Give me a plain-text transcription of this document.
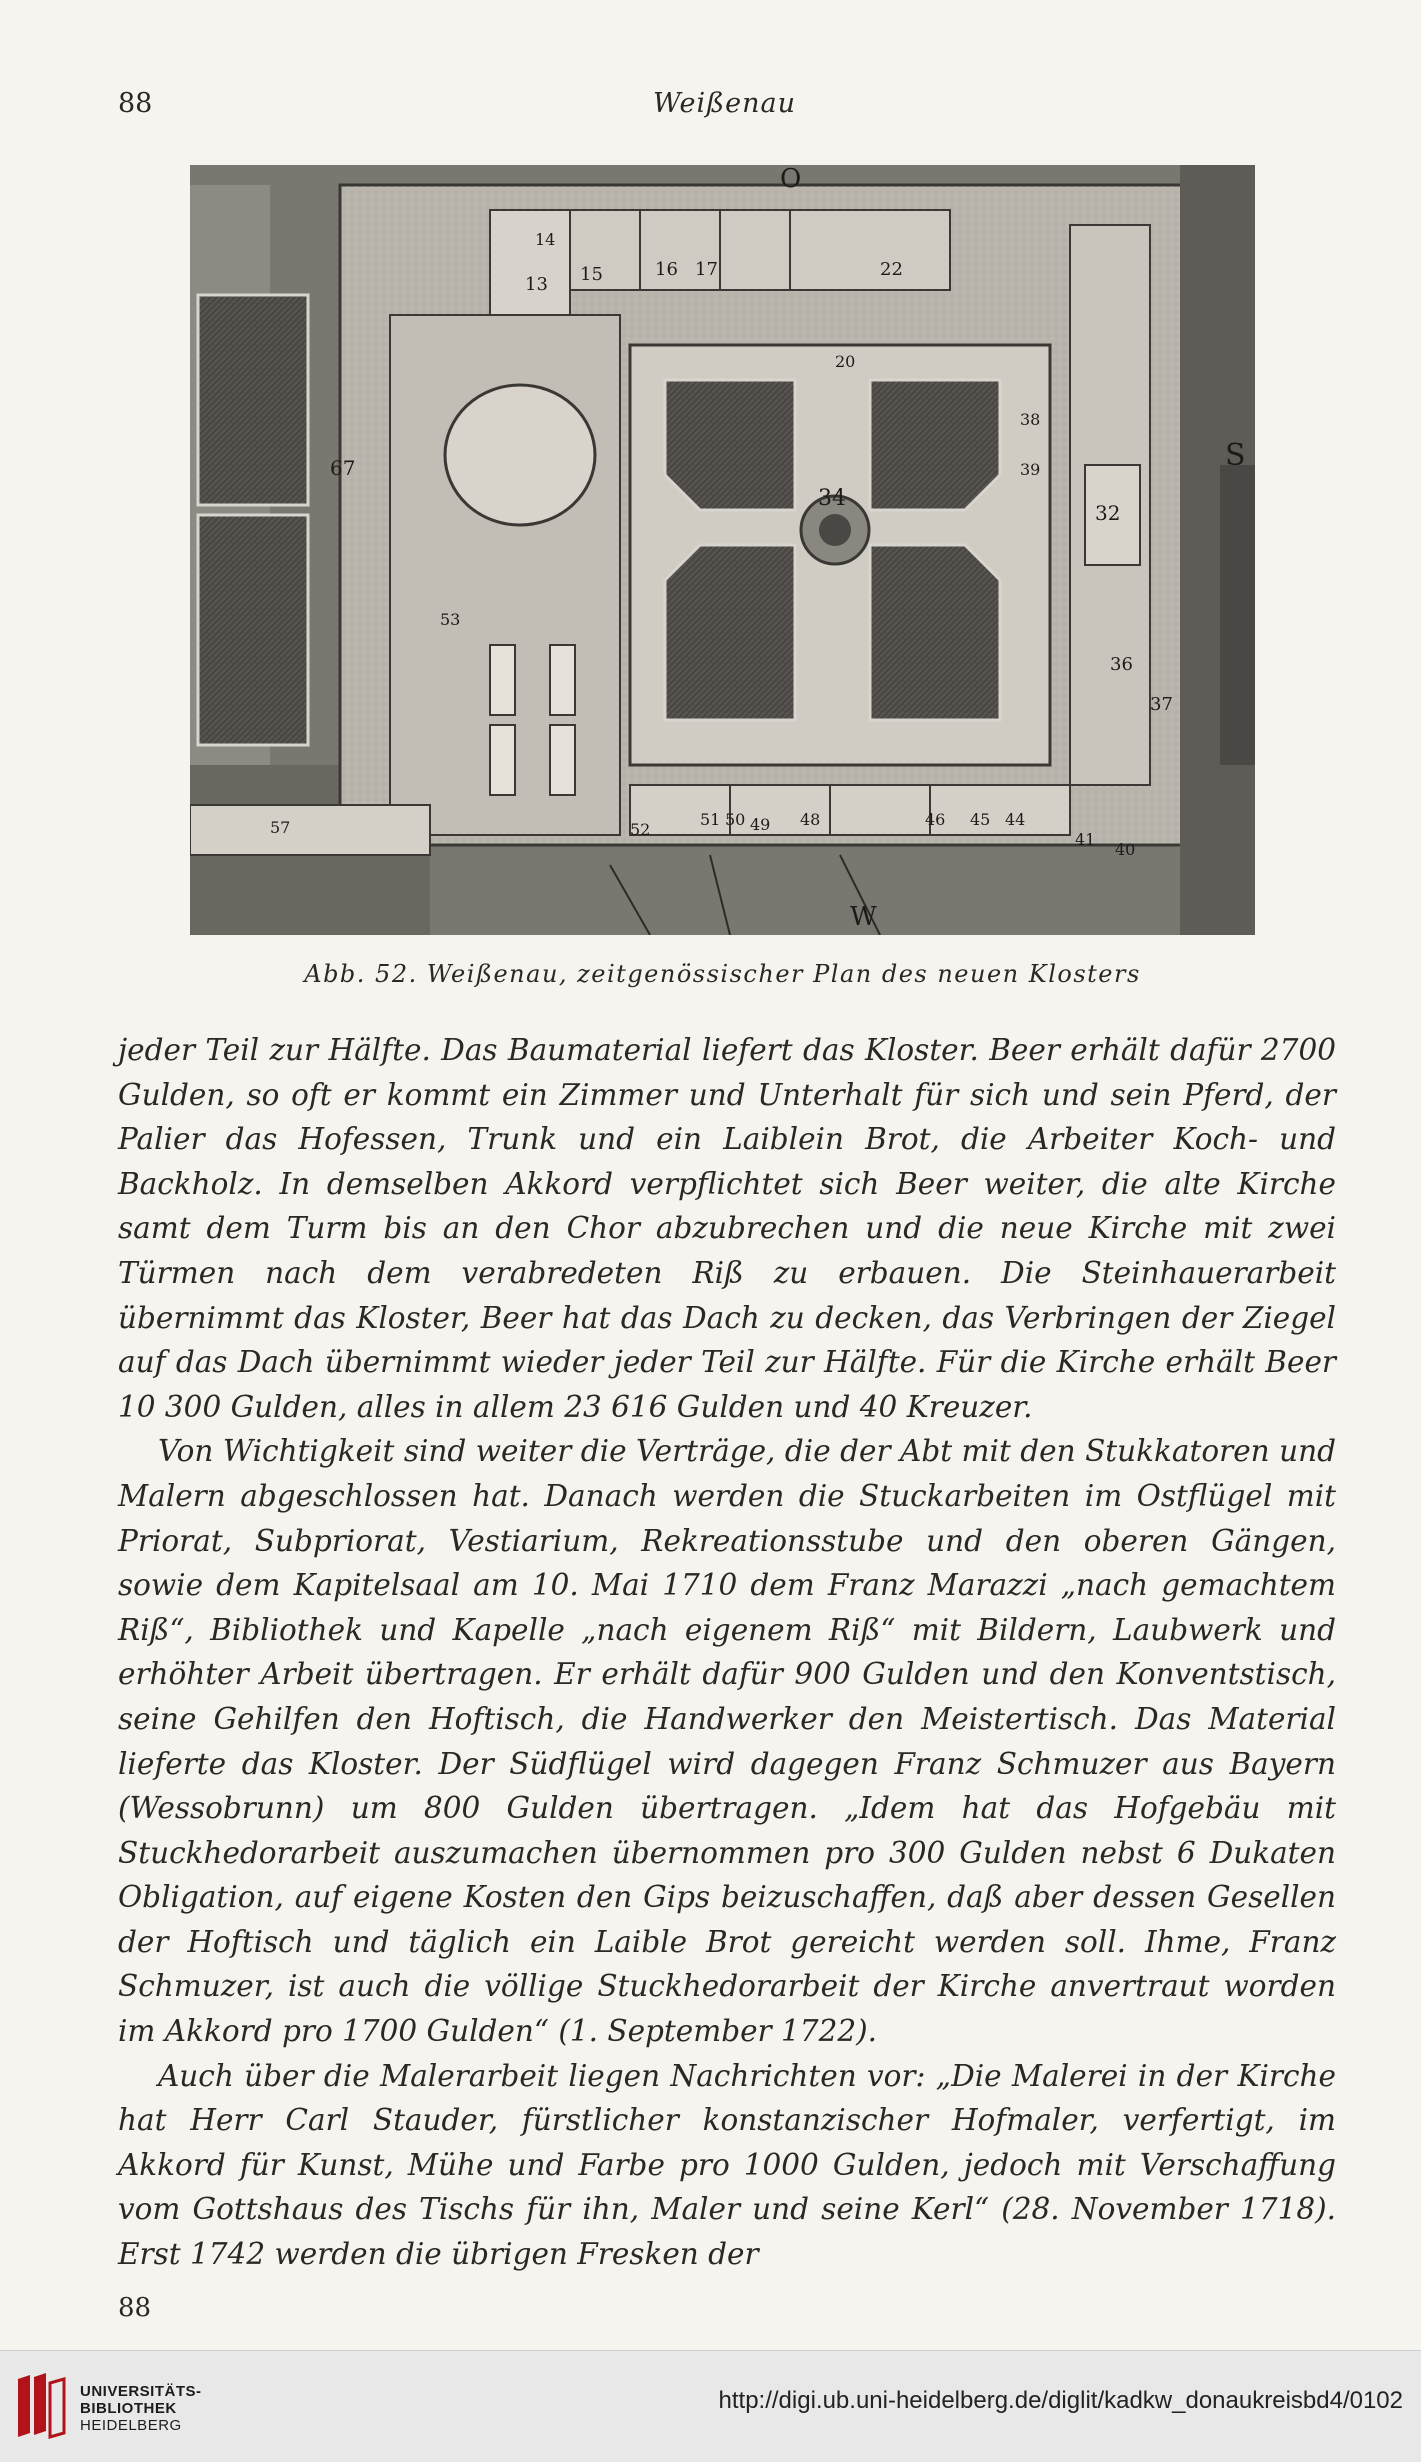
88	Weißenau
O
S
W
34
32
36
37
15	16 17	22
13
14
20
51 50 49 48	46 45 44
41
40
57
67
53
52
38
39
Abb. 52. Weißenau, zeitgenössischer Plan des neuen Klosters

jeder Teil zur Hälfte. Das Baumaterial liefert das Kloster. Beer erhält dafür 2700 Gulden, so oft er kommt ein Zimmer und Unterhalt für sich und sein Pferd, der Palier das Hofessen, Trunk und ein Laiblein Brot, die Arbeiter Koch- und Backholz. In demselben Akkord verpflichtet sich Beer weiter, die alte Kirche samt dem Turm bis an den Chor abzubrechen und die neue Kirche mit zwei Türmen nach dem verabredeten Riß zu erbauen. Die Steinhauerarbeit übernimmt das Kloster, Beer hat das Dach zu decken, das Verbringen der Ziegel auf das Dach übernimmt wieder jeder Teil zur Hälfte. Für die Kirche erhält Beer 10 300 Gulden, alles in allem 23 616 Gulden und 40 Kreuzer.

Von Wichtigkeit sind weiter die Verträge, die der Abt mit den Stukkatoren und Malern abgeschlossen hat. Danach werden die Stuckarbeiten im Ostflügel mit Priorat, Subpriorat, Vestiarium, Rekreationsstube und den oberen Gängen, sowie dem Kapitelsaal am 10. Mai 1710 dem Franz Marazzi „nach gemachtem Riß“, Bibliothek und Kapelle „nach eigenem Riß“ mit Bildern, Laubwerk und erhöhter Arbeit übertragen. Er erhält dafür 900 Gulden und den Konventstisch, seine Gehilfen den Hoftisch, die Handwerker den Meistertisch. Das Material lieferte das Kloster. Der Südflügel wird dagegen Franz Schmuzer aus Bayern (Wessobrunn) um 800 Gulden übertragen. „Idem hat das Hofgebäu mit Stuckhedorarbeit auszumachen übernommen pro 300 Gulden nebst 6 Dukaten Obligation, auf eigene Kosten den Gips beizuschaffen, daß aber dessen Gesellen der Hoftisch und täglich ein Laible Brot gereicht werden soll. Ihme, Franz Schmuzer, ist auch die völlige Stuckhedorarbeit der Kirche anvertraut worden im Akkord pro 1700 Gulden“ (1. September 1722).

Auch über die Malerarbeit liegen Nachrichten vor: „Die Malerei in der Kirche hat Herr Carl Stauder, fürstlicher konstanzischer Hofmaler, verfertigt, im Akkord für Kunst, Mühe und Farbe pro 1000 Gulden, jedoch mit Verschaffung vom Gottshaus des Tischs für ihn, Maler und seine Kerl“ (28. November 1718). Erst 1742 werden die übrigen Fresken der

88
UNIVERSITÄTS-
BIBLIOTHEK
HEIDELBERG
http://digi.ub.uni-heidelberg.de/diglit/kadkw_donaukreisbd4/0102
